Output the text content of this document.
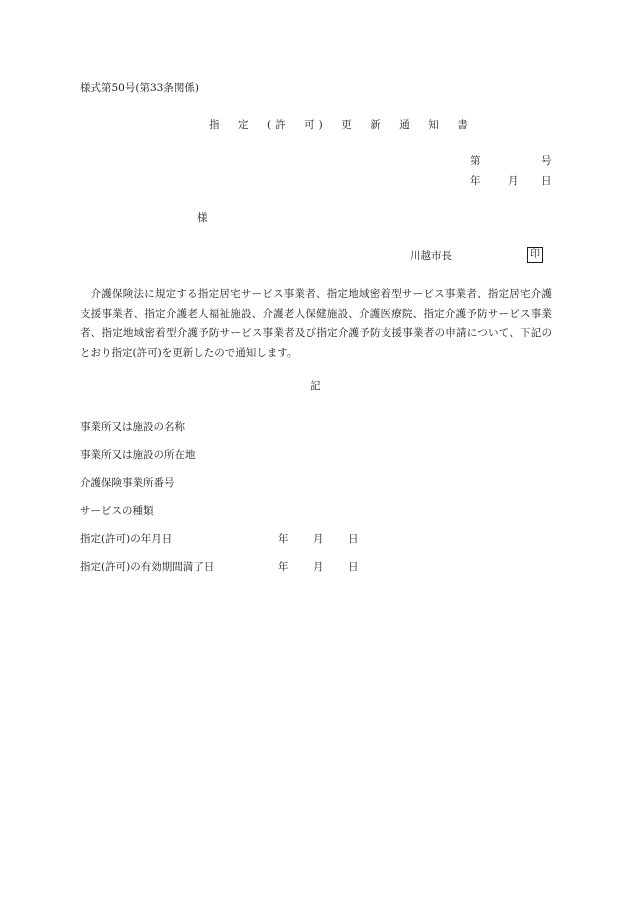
様式第50号(第33条関係)
指　定　(許　可)　更　新　通　知　書
第	号
年	月	日
様
川越市長	印
介護保険法に規定する指定居宅サービス事業者、指定地域密着型サービス事業者、指定居宅介護支援事業者、指定介護老人福祉施設、介護老人保健施設、介護医療院、指定介護予防サービス事業者、指定地域密着型介護予防サービス事業者及び指定介護予防支援事業者の申請について、下記のとおり指定(許可)を更新したので通知します。
記
事業所又は施設の名称
事業所又は施設の所在地
介護保険事業所番号
サービスの種類
指定(許可)の年月日	年	月	日
指定(許可)の有効期間満了日	年	月	日
